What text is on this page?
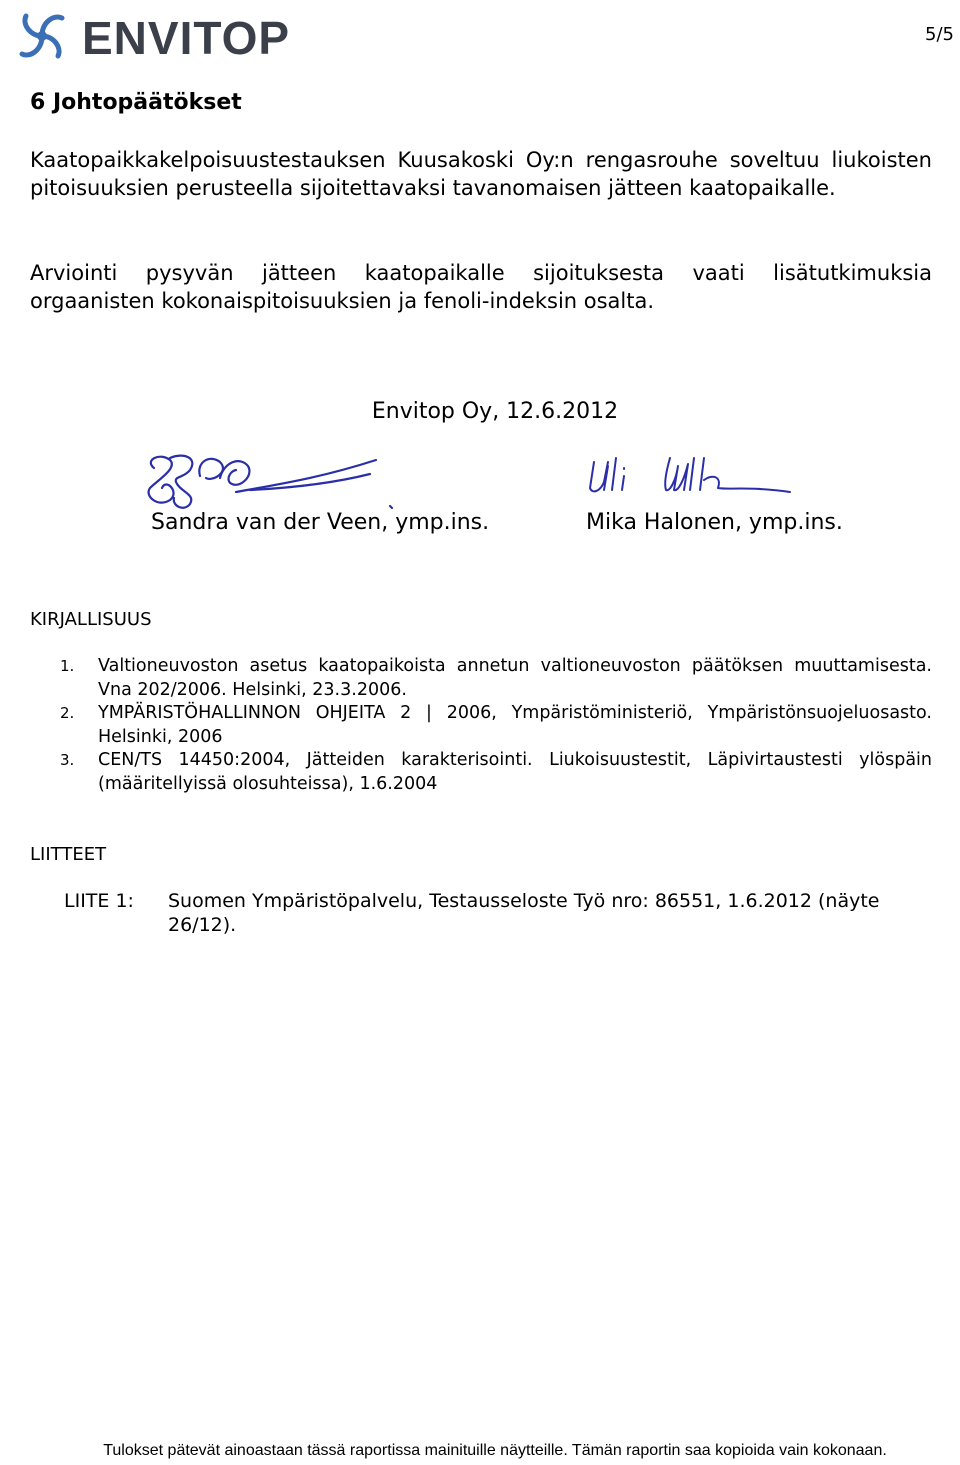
ENVITOP	5/5
6 Johtopäätökset

Kaatopaikkakelpoisuustestauksen Kuusakoski Oy:n rengasrouhe soveltuu liukoisten pitoisuuksien perusteella sijoitettavaksi tavanomaisen jätteen kaatopaikalle.

Arviointi pysyvän jätteen kaatopaikalle sijoituksesta vaati lisätutkimuksia orgaanisten kokonaispitoisuuksien ja fenoli-indeksin osalta.

Envitop Oy, 12.6.2012
Sandra van der Veen, ymp.ins.	Mika Halonen, ymp.ins.
KIRJALLISUUS
1. Valtioneuvoston asetus kaatopaikoista annetun valtioneuvoston päätöksen muuttamisesta. Vna 202/2006. Helsinki, 23.3.2006.
2. YMPÄRISTÖHALLINNON OHJEITA 2 | 2006, Ympäristöministeriö, Ympäristönsuojeluosasto. Helsinki, 2006
3. CEN/TS 14450:2004, Jätteiden karakterisointi. Liukoisuustestit, Läpivirtaustesti ylöspäin (määritellyissä olosuhteissa), 1.6.2004
LIITTEET
LIITE 1: Suomen Ympäristöpalvelu, Testausseloste Työ nro: 86551, 1.6.2012 (näyte 26/12).
Tulokset pätevät ainoastaan tässä raportissa mainituille näytteille. Tämän raportin saa kopioida vain kokonaan.
